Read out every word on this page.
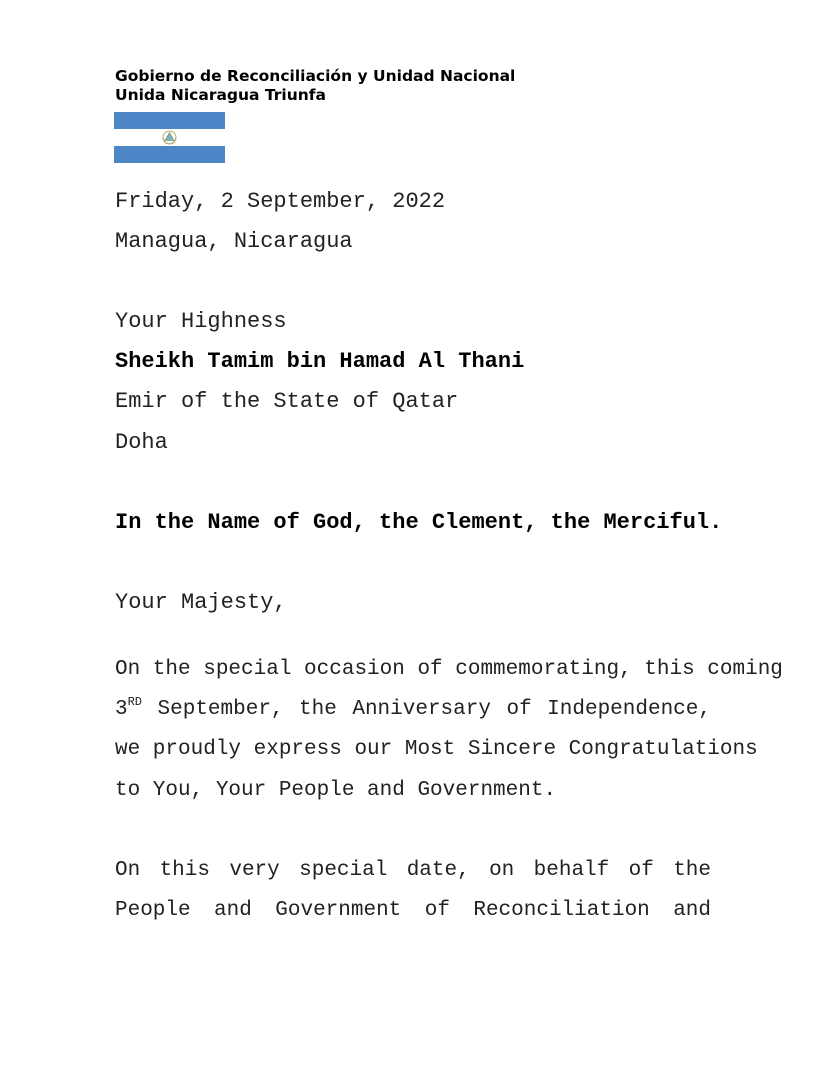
Gobierno de Reconciliación y Unidad Nacional
Unida Nicaragua Triunfa
Friday, 2 September, 2022
Managua, Nicaragua
Your Highness
Sheikh Tamim bin Hamad Al Thani
Emir of the State of Qatar
Doha
In the Name of God, the Clement, the Merciful.
Your Majesty,
On the special occasion of commemorating, this coming
3RD September, the Anniversary of Independence,
we proudly express our Most Sincere Congratulations
to You, Your People and Government.
On this very special date, on behalf of the
People and Government of Reconciliation and
